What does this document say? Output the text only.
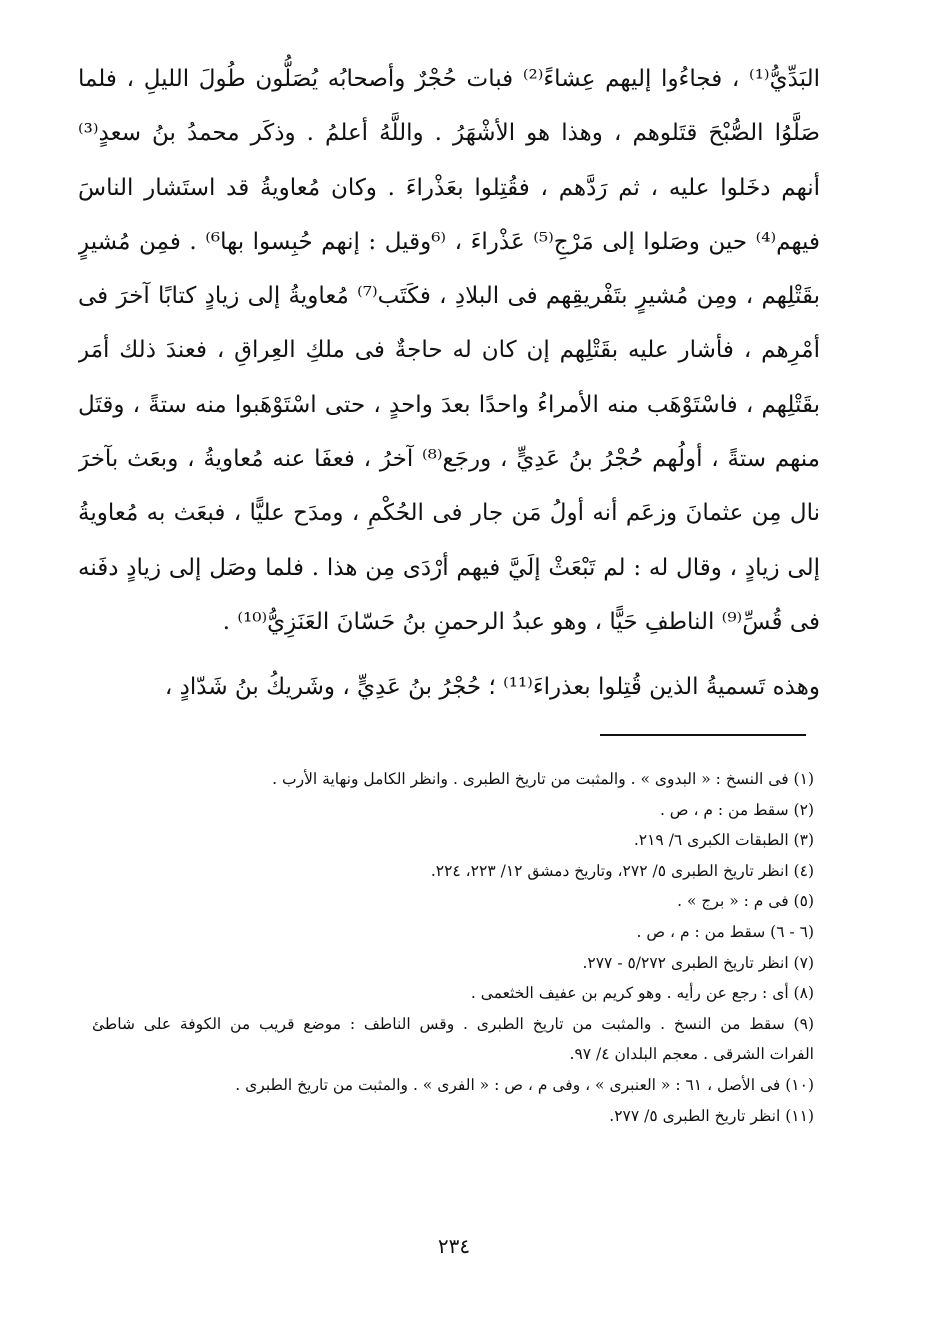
البَدِّيُّ⁽¹⁾ ، فجاءُوا إليهم عِشاءً⁽²⁾ فبات حُجْرٌ وأصحابُه يُصَلُّون طُولَ الليلِ ، فلما
صَلَّوُا الصُّبْحَ قتَلوهم ، وهذا هو الأشْهَرُ . واللَّهُ أعلمُ . وذكَر محمدُ بنُ سعدٍ⁽³⁾
أنهم دخَلوا عليه ، ثم رَدَّهم ، فقُتِلوا بعَذْراءَ . وكان مُعاويةُ قد استَشار الناسَ
فيهم⁽⁴⁾ حين وصَلوا إلى مَرْجِ⁽⁵⁾ عَذْراءَ ، ⁽⁶وقيل : إنهم حُبِسوا بها⁶⁾ . فمِن مُشيرٍ
بقَتْلِهم ، ومِن مُشيرٍ بتَفْريقِهم فى البلادِ ، فكَتَب⁽⁷⁾ مُعاويةُ إلى زيادٍ كتابًا آخرَ فى
أمْرِهم ، فأشار عليه بقَتْلِهم إن كان له حاجةٌ فى ملكِ العِراقِ ، فعندَ ذلك أمَر
بقَتْلِهم ، فاسْتَوْهَب منه الأمراءُ واحدًا بعدَ واحدٍ ، حتى اسْتَوْهَبوا منه ستةً ، وقتَل
منهم ستةً ، أولُهم حُجْرُ بنُ عَدِيٍّ ، ورجَع⁽⁸⁾ آخرُ ، فعفَا عنه مُعاويةُ ، وبعَث بآخرَ
نال مِن عثمانَ وزعَم أنه أولُ مَن جار فى الحُكْمِ ، ومدَح عليًّا ، فبعَث به مُعاويةُ
إلى زيادٍ ، وقال له : لم تَبْعَثْ إلَيَّ فيهم أرْدَى مِن هذا . فلما وصَل إلى زيادٍ دفَنه
فى قُسِّ⁽⁹⁾ الناطفِ حَيًّا ، وهو عبدُ الرحمنِ بنُ حَسّانَ العَنَزِيُّ⁽¹⁰⁾ .
وهذه تَسميةُ الذين قُتِلوا بعذراءَ⁽¹¹⁾ ؛ حُجْرُ بنُ عَدِيٍّ ، وشَريكُ بنُ شَدّادٍ ،
(١) فى النسخ : « البدوى » . والمثبت من تاريخ الطبرى . وانظر الكامل ونهاية الأرب .
(٢) سقط من : م ، ص .
(٣) الطبقات الكبرى ٦/ ٢١٩.
(٤) انظر تاريخ الطبرى ٥/ ٢٧٢، وتاريخ دمشق ١٢/ ٢٢٣، ٢٢٤.
(٥) فى م : « برج » .
(٦ - ٦) سقط من : م ، ص .
(٧) انظر تاريخ الطبرى ٥/٢٧٢ - ٢٧٧.
(٨) أى : رجع عن رأيه . وهو كريم بن عفيف الخثعمى .
(٩) سقط من النسخ . والمثبت من تاريخ الطبرى . وقس الناطف : موضع قريب من الكوفة على شاطئ
الفرات الشرقى . معجم البلدان ٤/ ٩٧.
(١٠) فى الأصل ، ٦١ : « العنبرى » ، وفى م ، ص : « الفرى » . والمثبت من تاريخ الطبرى .
(١١) انظر تاريخ الطبرى ٥/ ٢٧٧.
٢٣٤
